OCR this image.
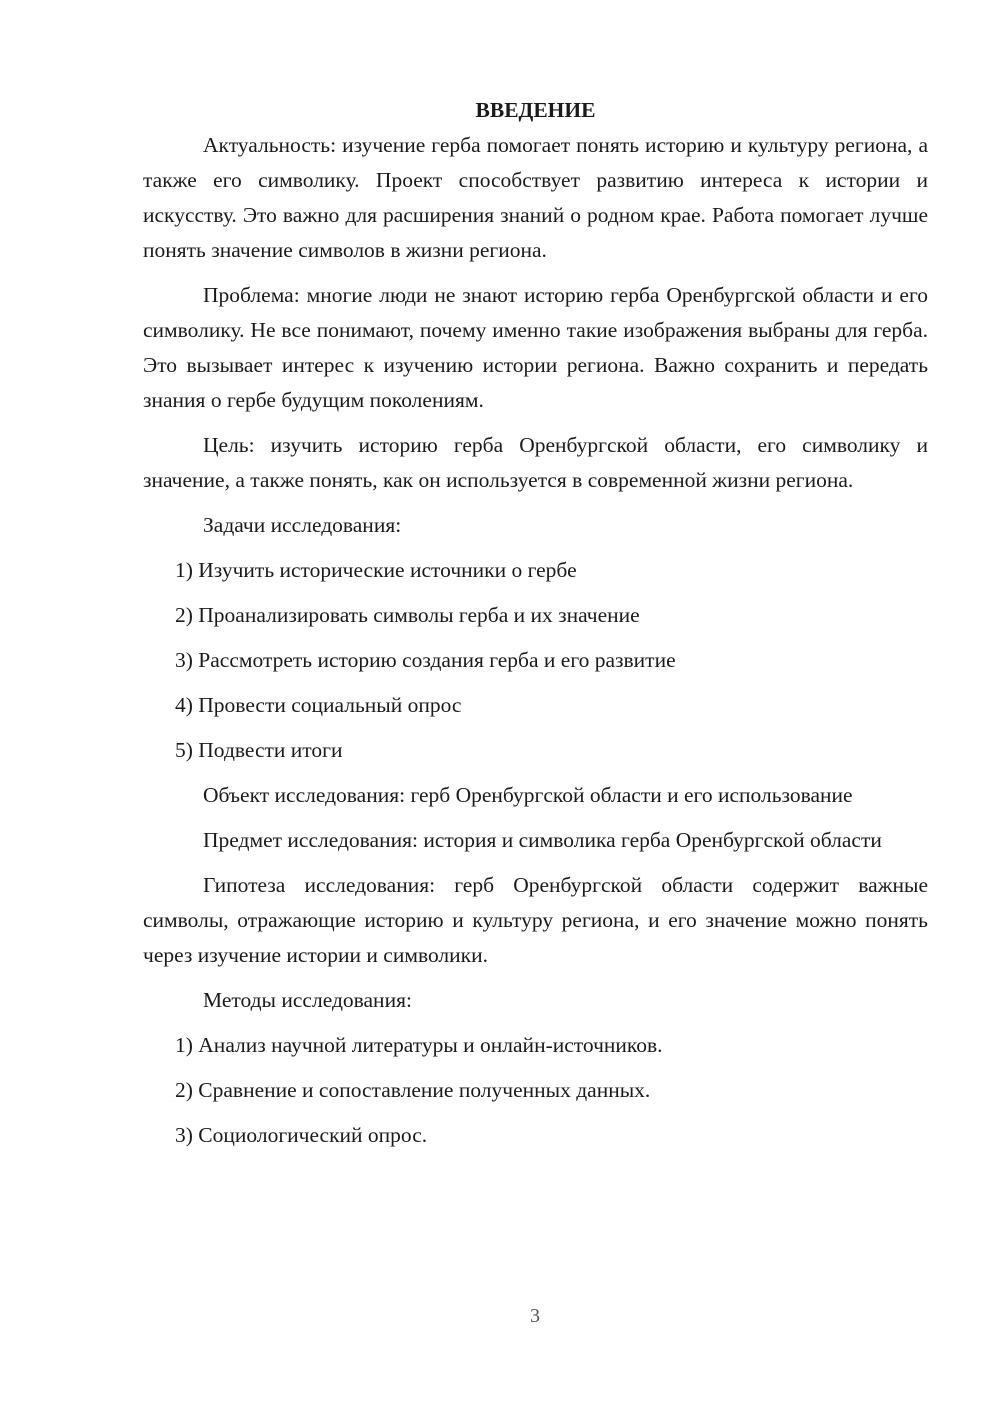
ВВЕДЕНИЕ

Актуальность: изучение герба помогает понять историю и культуру региона, а также его символику. Проект способствует развитию интереса к истории и искусству. Это важно для расширения знаний о родном крае. Работа помогает лучше понять значение символов в жизни региона.

Проблема: многие люди не знают историю герба Оренбургской области и его символику. Не все понимают, почему именно такие изображения выбраны для герба. Это вызывает интерес к изучению истории региона. Важно сохранить и передать знания о гербе будущим поколениям.

Цель: изучить историю герба Оренбургской области, его символику и значение, а также понять, как он используется в современной жизни региона.

Задачи исследования:

1) Изучить исторические источники о гербе
2) Проанализировать символы герба и их значение
3) Рассмотреть историю создания герба и его развитие
4) Провести социальный опрос
5) Подвести итоги

Объект исследования: герб Оренбургской области и его использование

Предмет исследования: история и символика герба Оренбургской области

Гипотеза исследования: герб Оренбургской области содержит важные символы, отражающие историю и культуру региона, и его значение можно понять через изучение истории и символики.

Методы исследования:

1) Анализ научной литературы и онлайн-источников.
2) Сравнение и сопоставление полученных данных.
3) Социологический опрос.
3
